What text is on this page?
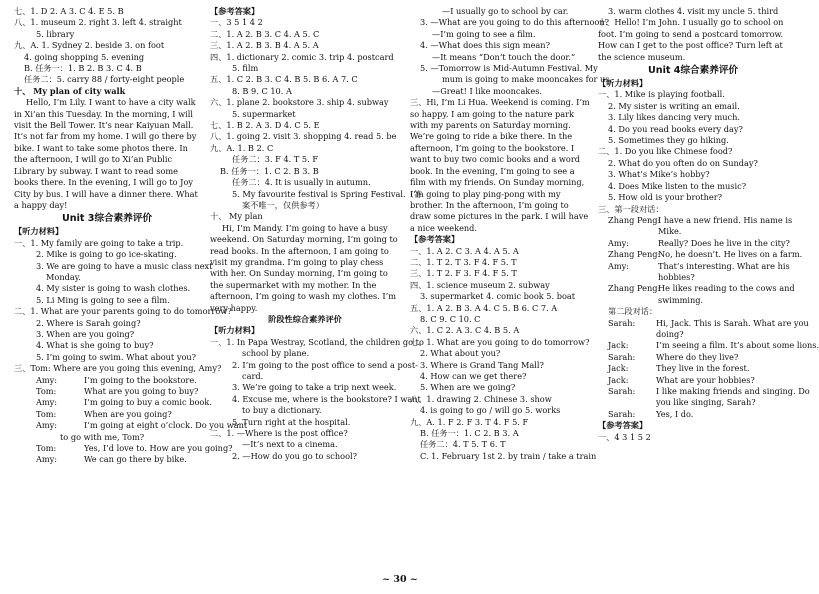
七、1. D 2. A 3. C 4. E 5. B
八、1. museum 2. right 3. left 4. straight
5. library
九、A. 1. Sydney 2. beside 3. on foot
4. going shopping 5. evening
B. 任务一：1. B 2. B 3. C 4. B
任务二：5. carry 88 / forty-eight people
十、 My plan of city walk
Hello, I’m Lily. I want to have a city walk in Xi’an this Tuesday. In the morning, I will visit the Bell Tower. It’s near Kaiyuan Mall. It’s not far from my home. I will go there by bike. I want to take some photos there. In the afternoon, I will go to Xi’an Public Library by subway. I want to read some books there. In the evening, I will go to Joy City by bus. I will have a dinner there. What a happy day!
Unit 3综合素养评价
【听力材料】
一、1. My family are going to take a trip.
2. Mike is going to go ice-skating.
3. We are going to have a music class next
Monday.
4. My sister is going to wash clothes.
5. Li Ming is going to see a film.
二、1. What are your parents going to do tomorrow?
2. Where is Sarah going?
3. When are you going?
4. What is she going to buy?
5. I’m going to swim. What about you?
三、Tom: Where are you going this evening, Amy?
Amy:	I’m going to the bookstore.
Tom:	What are you going to buy?
Amy:	I’m going to buy a comic book.
Tom:	When are you going?
Amy:	I’m going at eight o’clock. Do you want
to go with me, Tom?
Tom:	Yes, I’d love to. How are you going?
Amy:	We can go there by bike.
【参考答案】
一、3 5 1 4 2
二、1. A 2. B 3. C 4. A 5. C
三、1. A 2. B 3. B 4. A 5. A
四、1. dictionary 2. comic 3. trip 4. postcard
5. film
五、1. C 2. B 3. C 4. B 5. B 6. A 7. C
8. B 9. C 10. A
六、1. plane 2. bookstore 3. ship 4. subway
5. supermarket
七、1. B 2. A 3. D 4. C 5. E
八、1. going 2. visit 3. shopping 4. read 5. be
九、A. 1. B 2. C
任务二：3. F 4. T 5. F
B. 任务一：1. C 2. B 3. B
任务二：4. It is usually in autumn.
5. My favourite festival is Spring Festival.（答
案不唯一，仅供参考）
十、 My plan
Hi, I’m Mandy. I’m going to have a busy weekend. On Saturday morning, I’m going to read books. In the afternoon, I am going to visit my grandma. I’m going to play chess with her. On Sunday morning, I’m going to the supermarket with my mother. In the afternoon, I’m going to wash my clothes. I’m very happy.
阶段性综合素养评价
【听力材料】
一、1. In Papa Westray, Scotland, the children go to
school by plane.
2. I’m going to the post office to send a post-
card.
3. We’re going to take a trip next week.
4. Excuse me, where is the bookstore? I want
to buy a dictionary.
5. Turn right at the hospital.
二、1. —Where is the post office?
—It’s next to a cinema.
2. —How do you go to school?
—I usually go to school by car.
3. —What are you going to do this afternoon?
—I’m going to see a film.
4. —What does this sign mean?
—It means “Don’t touch the door.”
5. —Tomorrow is Mid-Autumn Festival. My
mum is going to make mooncakes for us.
—Great! I like mooncakes.
三、Hi, I’m Li Hua. Weekend is coming. I’m so happy. I am going to the nature park with my parents on Saturday morning. We’re going to ride a bike there. In the afternoon, I’m going to the bookstore. I want to buy two comic books and a word book. In the evening, I’m going to see a film with my friends. On Sunday morning, I’m going to play ping-pong with my brother. In the afternoon, I’m going to draw some pictures in the park. I will have a nice weekend.
【参考答案】
一、1. A 2. C 3. A 4. A 5. A
二、1. T 2. T 3. F 4. F 5. T
三、1. T 2. F 3. F 4. F 5. T
四、1. science museum 2. subway
3. supermarket 4. comic book 5. boat
五、1. A 2. B 3. A 4. C 5. B 6. C 7. A
8. C 9. C 10. C
六、1. C 2. A 3. C 4. B 5. A
七、1. What are you going to do tomorrow?
2. What about you?
3. Where is Grand Tang Mall?
4. How can we get there?
5. When are we going?
八、1. drawing 2. Chinese 3. show
4. is going to go / will go 5. works
九、A. 1. F 2. F 3. T 4. F 5. F
B. 任务一：1. C 2. B 3. A
任务二：4. T 5. T 6. T
C. 1. February 1st 2. by train / take a train
3. warm clothes 4. visit my uncle 5. third
十、Hello! I’m John. I usually go to school on foot. I’m going to send a postcard tomorrow. How can I get to the post office? Turn left at the science museum.
Unit 4综合素养评价
【听力材料】
一、1. Mike is playing football.
2. My sister is writing an email.
3. Lily likes dancing very much.
4. Do you read books every day?
5. Sometimes they go hiking.
二、1. Do you like Chinese food?
2. What do you often do on Sunday?
3. What’s Mike’s hobby?
4. Does Mike listen to the music?
5. How old is your brother?
三、第一段对话：
Zhang Peng:
I have a new friend. His name is
Mike.
Amy:	Really? Does he live in the city?
Zhang Peng:
No, he doesn’t. He lives on a farm.
Amy:	That’s interesting. What are his
hobbies?
Zhang Peng:
He likes reading to the cows and
swimming.
第二段对话：
Sarah:	Hi, Jack. This is Sarah. What are you
doing?
Jack:	I’m seeing a film. It’s about some lions.
Sarah:	Where do they live?
Jack:	They live in the forest.
Jack:	What are your hobbies?
Sarah:	I like making friends and singing. Do
you like singing, Sarah?
Sarah:	Yes, I do.
【参考答案】
一、4 3 1 5 2
~ 30 ~
